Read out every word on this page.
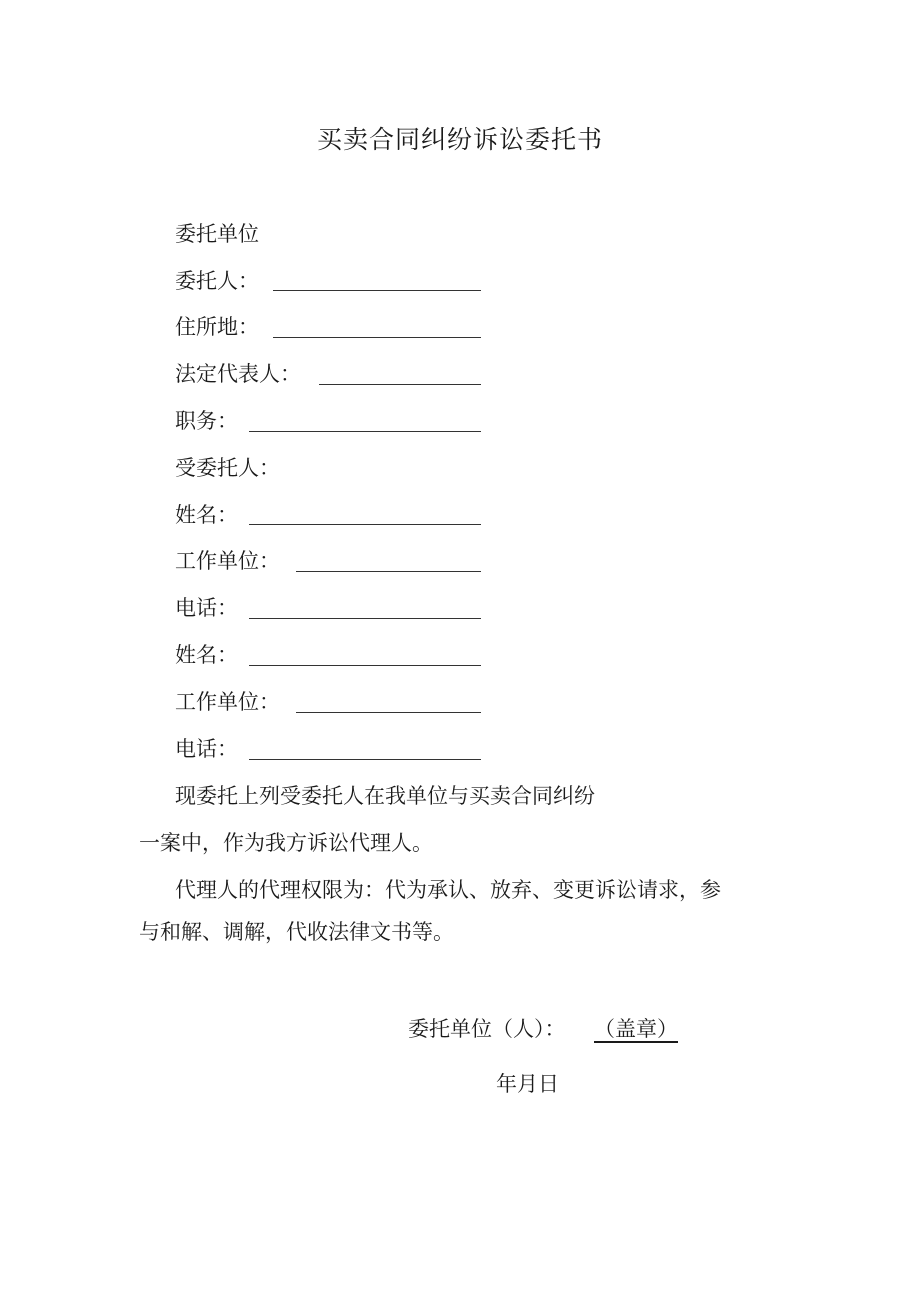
买卖合同纠纷诉讼委托书
委托单位
委托人：
住所地：
法定代表人：
职务：
受委托人：
姓名：
工作单位：
电话：
姓名：
工作单位：
电话：
现委托上列受委托人在我单位与买卖合同纠纷
一案中，作为我方诉讼代理人。
代理人的代理权限为：代为承认、放弃、变更诉讼请求，参
与和解、调解，代收法律文书等。
委托单位（人）： （盖章）
年月日
